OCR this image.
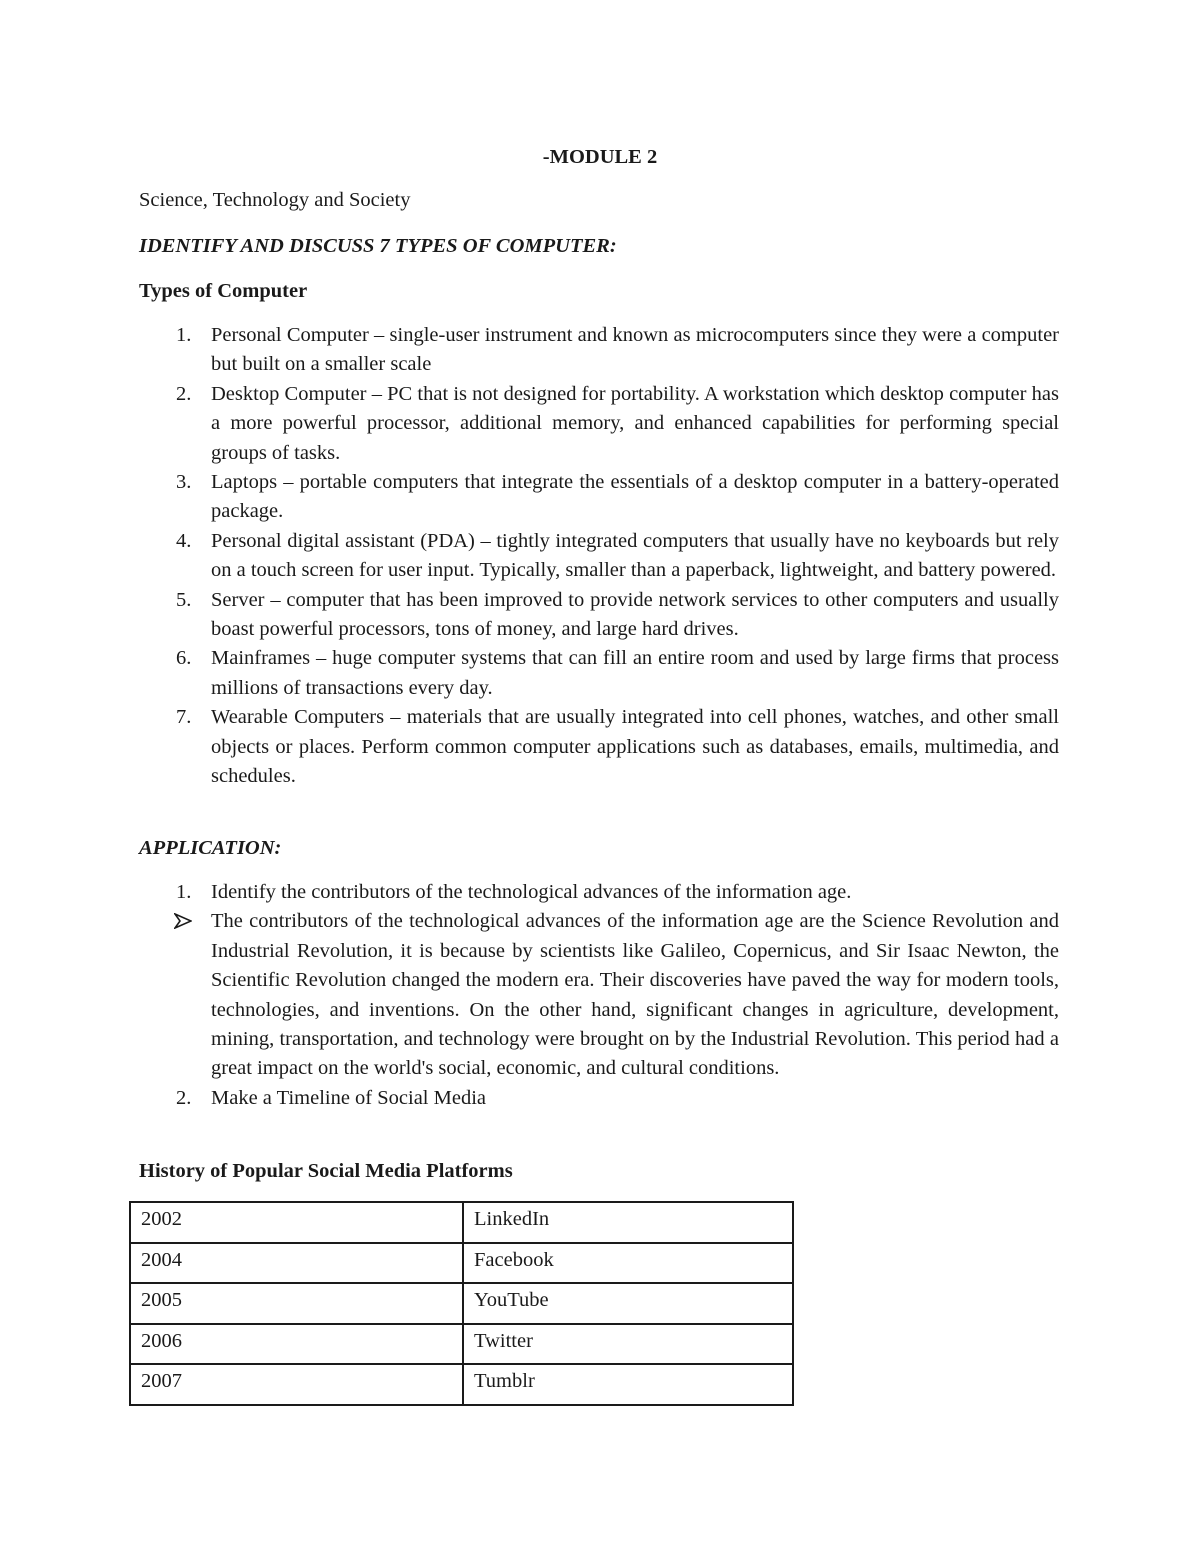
-MODULE 2
Science, Technology and Society
IDENTIFY AND DISCUSS 7 TYPES OF COMPUTER:
Types of Computer
1. Personal Computer – single-user instrument and known as microcomputers since they were a computer but built on a smaller scale
2. Desktop Computer – PC that is not designed for portability. A workstation which desktop computer has a more powerful processor, additional memory, and enhanced capabilities for performing special groups of tasks.
3. Laptops – portable computers that integrate the essentials of a desktop computer in a battery-operated package.
4. Personal digital assistant (PDA) – tightly integrated computers that usually have no keyboards but rely on a touch screen for user input. Typically, smaller than a paperback, lightweight, and battery powered.
5. Server – computer that has been improved to provide network services to other computers and usually boast powerful processors, tons of money, and large hard drives.
6. Mainframes – huge computer systems that can fill an entire room and used by large firms that process millions of transactions every day.
7. Wearable Computers – materials that are usually integrated into cell phones, watches, and other small objects or places. Perform common computer applications such as databases, emails, multimedia, and schedules.
APPLICATION:
1. Identify the contributors of the technological advances of the information age.
The contributors of the technological advances of the information age are the Science Revolution and Industrial Revolution, it is because by scientists like Galileo, Copernicus, and Sir Isaac Newton, the Scientific Revolution changed the modern era. Their discoveries have paved the way for modern tools, technologies, and inventions. On the other hand, significant changes in agriculture, development, mining, transportation, and technology were brought on by the Industrial Revolution. This period had a great impact on the world's social, economic, and cultural conditions.
2. Make a Timeline of Social Media
History of Popular Social Media Platforms
2002	LinkedIn
2004	Facebook
2005	YouTube
2006	Twitter
2007	Tumblr
